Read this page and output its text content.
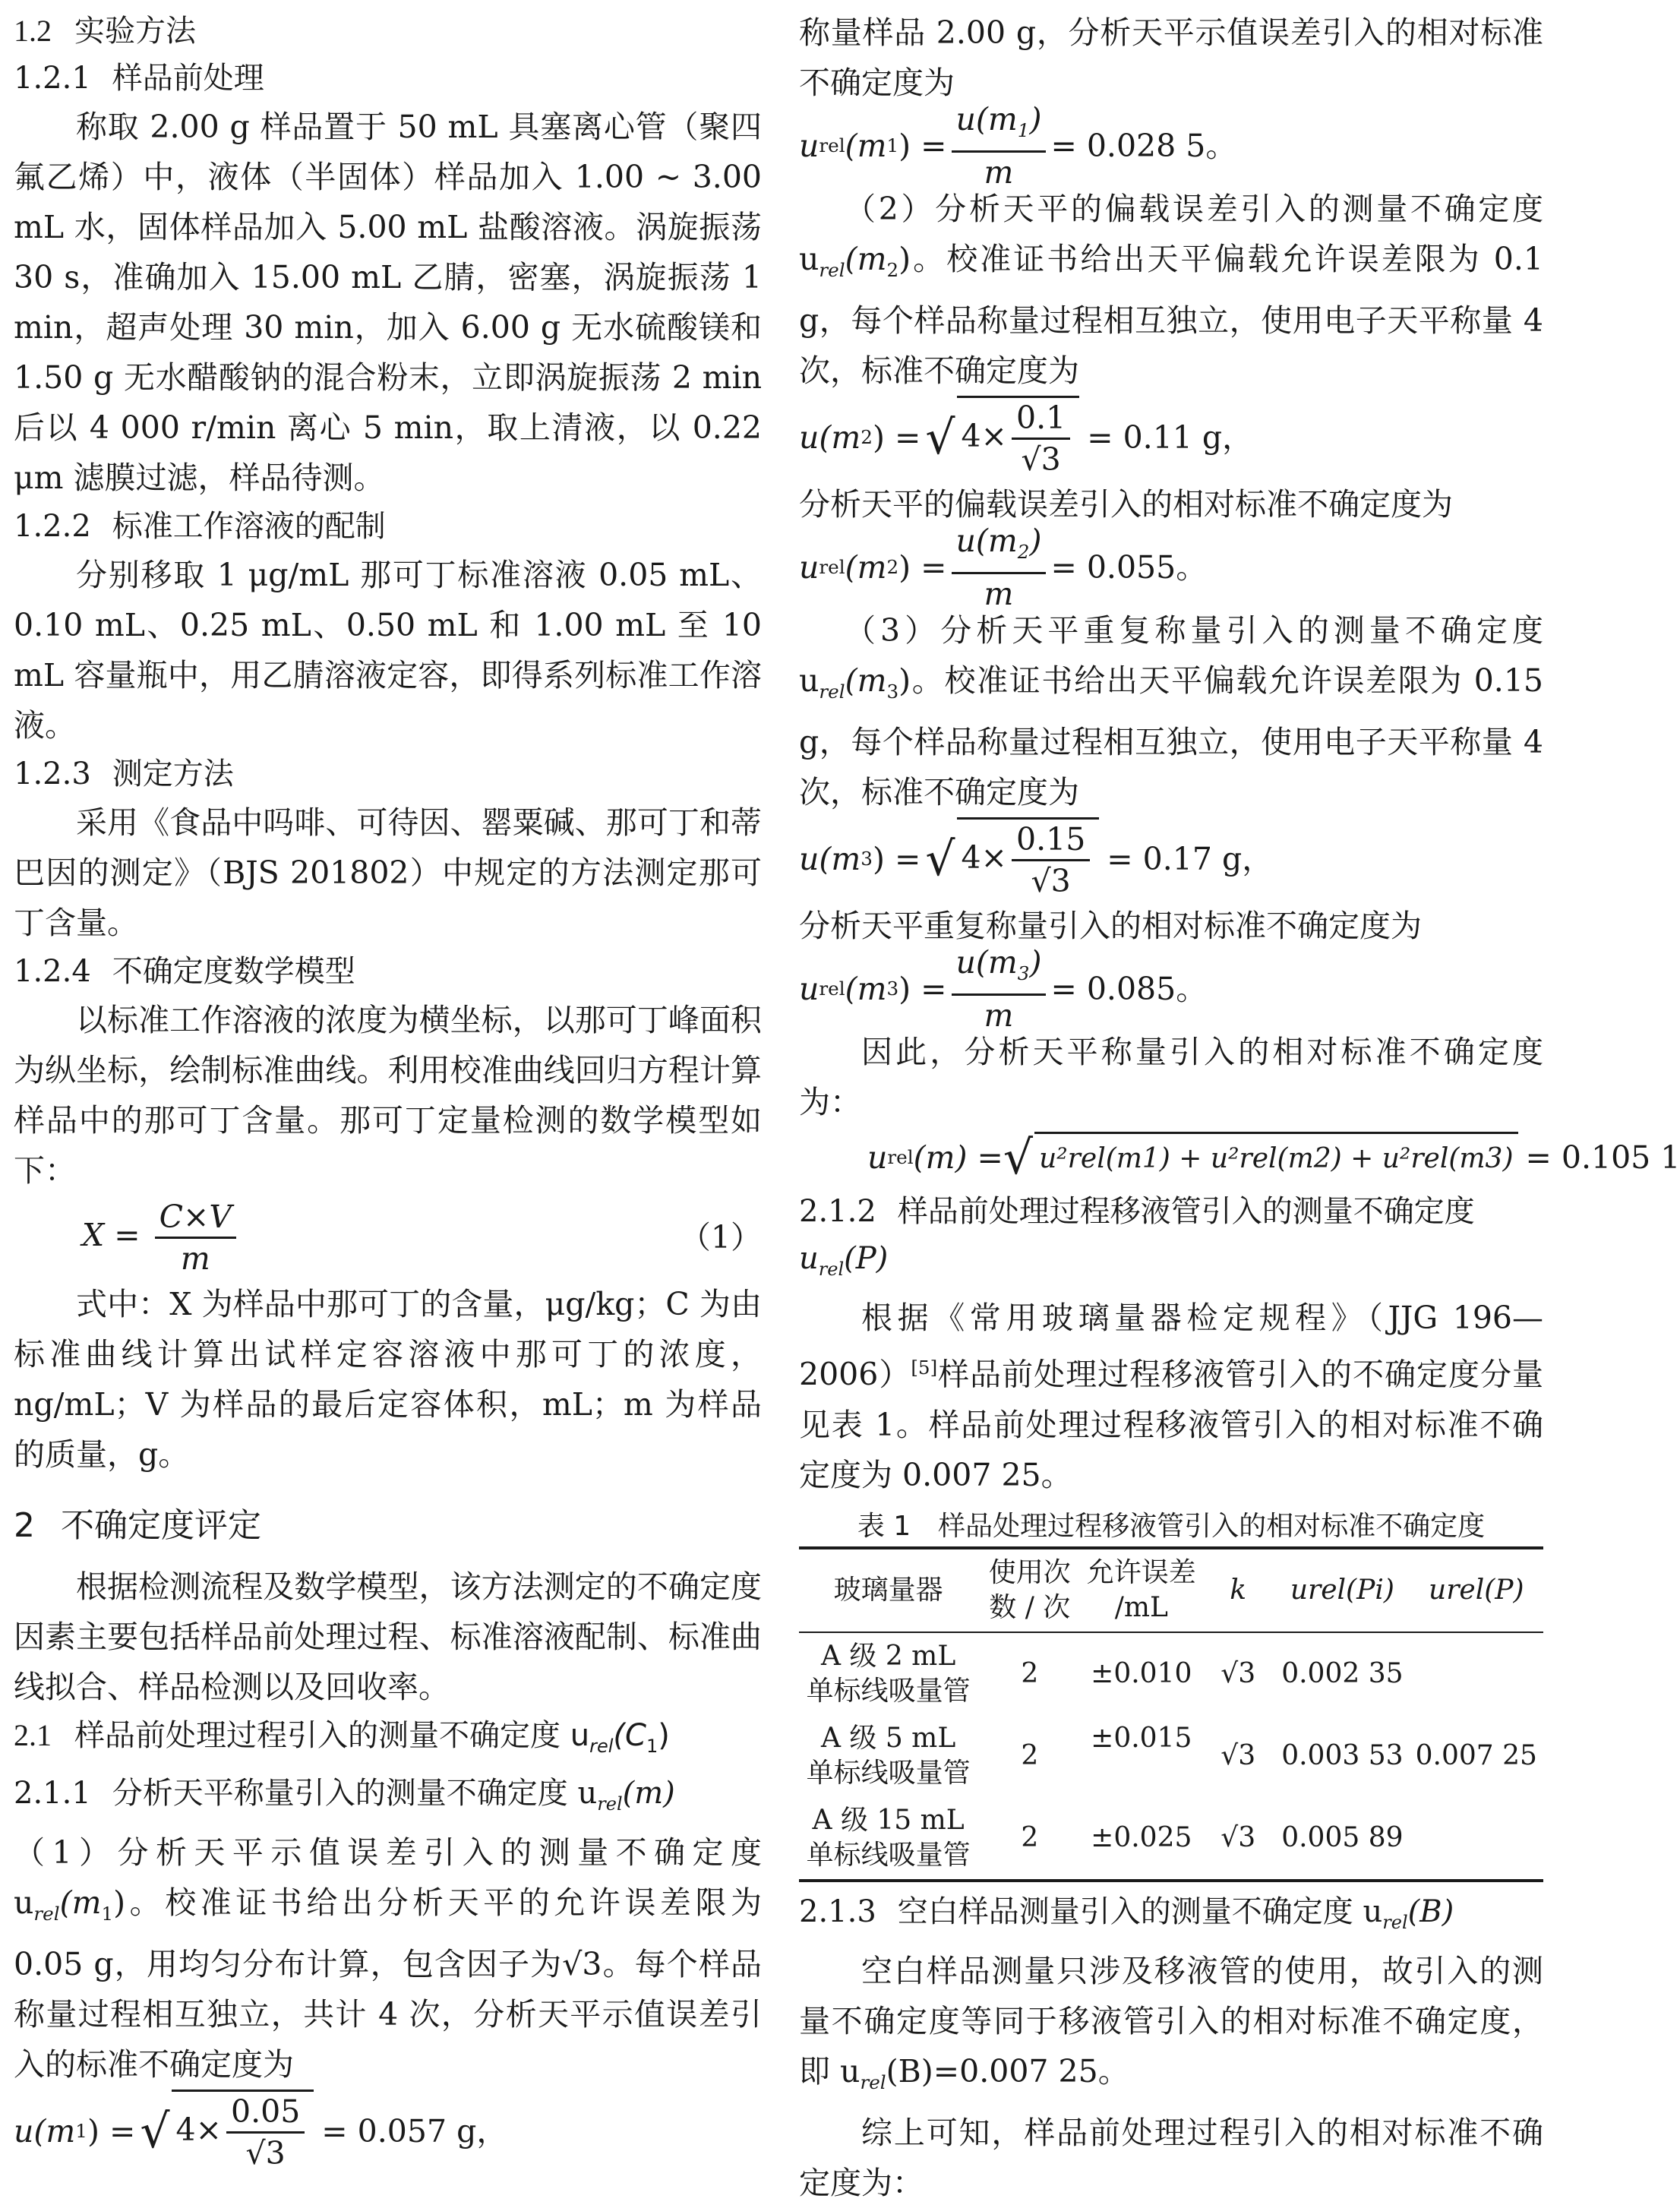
1.2 实验方法
1.2.1 样品前处理

称取 2.00 g 样品置于 50 mL 具塞离心管（聚四氟乙烯）中，液体（半固体）样品加入 1.00 ~ 3.00 mL 水，固体样品加入 5.00 mL 盐酸溶液。涡旋振荡 30 s，准确加入 15.00 mL 乙腈，密塞，涡旋振荡 1 min，超声处理 30 min，加入 6.00 g 无水硫酸镁和 1.50 g 无水醋酸钠的混合粉末，立即涡旋振荡 2 min 后以 4 000 r/min 离心 5 min，取上清液，以 0.22 μm 滤膜过滤，样品待测。

1.2.2 标准工作溶液的配制

分别移取 1 μg/mL 那可丁标准溶液 0.05 mL、0.10 mL、0.25 mL、0.50 mL 和 1.00 mL 至 10 mL 容量瓶中，用乙腈溶液定容，即得系列标准工作溶液。

1.2.3 测定方法

采用《食品中吗啡、可待因、罂粟碱、那可丁和蒂巴因的测定》（BJS 201802）中规定的方法测定那可丁含量。

1.2.4 不确定度数学模型

以标准工作溶液的浓度为横坐标，以那可丁峰面积为纵坐标，绘制标准曲线。利用校准曲线回归方程计算样品中的那可丁含量。那可丁定量检测的数学模型如下：

$X = \frac{C\times V}{m}$	（1）

式中：X 为样品中那可丁的含量，μg/kg；C 为由标准曲线计算出试样定容溶液中那可丁的浓度，ng/mL；V 为样品的最后定容体积，mL；m 为样品的质量，g。

2 不确定度评定

根据检测流程及数学模型，该方法测定的不确定度因素主要包括样品前处理过程、标准溶液配制、标准曲线拟合、样品检测以及回收率。

2.1 样品前处理过程引入的测量不确定度 $u_{rel}(C_1)$
2.1.1 分析天平称量引入的测量不确定度 $u_{rel}(m)$

（1）分析天平示值误差引入的测量不确定度 $u_{rel}(m_1)$。校准证书给出分析天平的允许误差限为 0.05 g，用均匀分布计算，包含因子为√3。每个样品称量过程相互独立，共计 4 次，分析天平示值误差引入的标准不确定度为

u(m 1 ) = √ $4\times \frac{0.05}{√3} = 0.057$ g，

称量样品 2.00 g，分析天平示值误差引入的相对标准不确定度为

u rel (m 1 ) = $\frac{u(m_1)}{m} = 0.028$ 5。

（2）分析天平的偏载误差引入的测量不确定度 $u_{rel}(m_2)$。校准证书给出天平偏载允许误差限为 0.1 g，每个样品称量过程相互独立，使用电子天平称量 4 次，标准不确定度为

u(m 2 ) = √ $4\times \frac{0.1}{√3} = 0.11$ g，

分析天平的偏载误差引入的相对标准不确定度为

u rel (m 2 ) = $\frac{u(m_2)}{m} = 0.055$。

（3）分析天平重复称量引入的测量不确定度 $u_{rel}(m_3)$。校准证书给出天平偏载允许误差限为 0.15 g，每个样品称量过程相互独立，使用电子天平称量 4 次，标准不确定度为

u(m 3 ) = √ $4\times \frac{0.15}{√3} = 0.17$ g，

分析天平重复称量引入的相对标准不确定度为

u rel (m 3 ) = $\frac{u(m_3)}{m} = 0.085$。

因此，分析天平称量引入的相对标准不确定度为：

u rel (m) = √ u²rel(m1) + u²rel(m2) + u²rel(m3) = 0.105 1
2.1.2 样品前处理过程移液管引入的测量不确定度
$u_{rel}(P)$

根据《常用玻璃量器检定规程》（JJG 196—2006）[5]样品前处理过程移液管引入的不确定度分量见表 1。样品前处理过程移液管引入的相对标准不确定度为 0.007 25。

表 1　样品处理过程移液管引入的相对标准不确定度
玻璃量器	使用次数 / 次	允许误差 /mL	k	urel(Pi)	urel(P)
A 级 2 mL 单标线吸量管	2	±0.010	√3	0.002 35	
A 级 5 mL 单标线吸量管	2	±0.015	√3	0.003 53	0.007 25
A 级 15 mL 单标线吸量管	2	±0.025	√3	0.005 89	
2.1.3 空白样品测量引入的测量不确定度 $u_{rel}(B)$

空白样品测量只涉及移液管的使用，故引入的测量不确定度等同于移液管引入的相对标准不确定度，即 $u_{rel}(B)=0.007$ 25。

综上可知，样品前处理过程引入的相对标准不确定度为：
